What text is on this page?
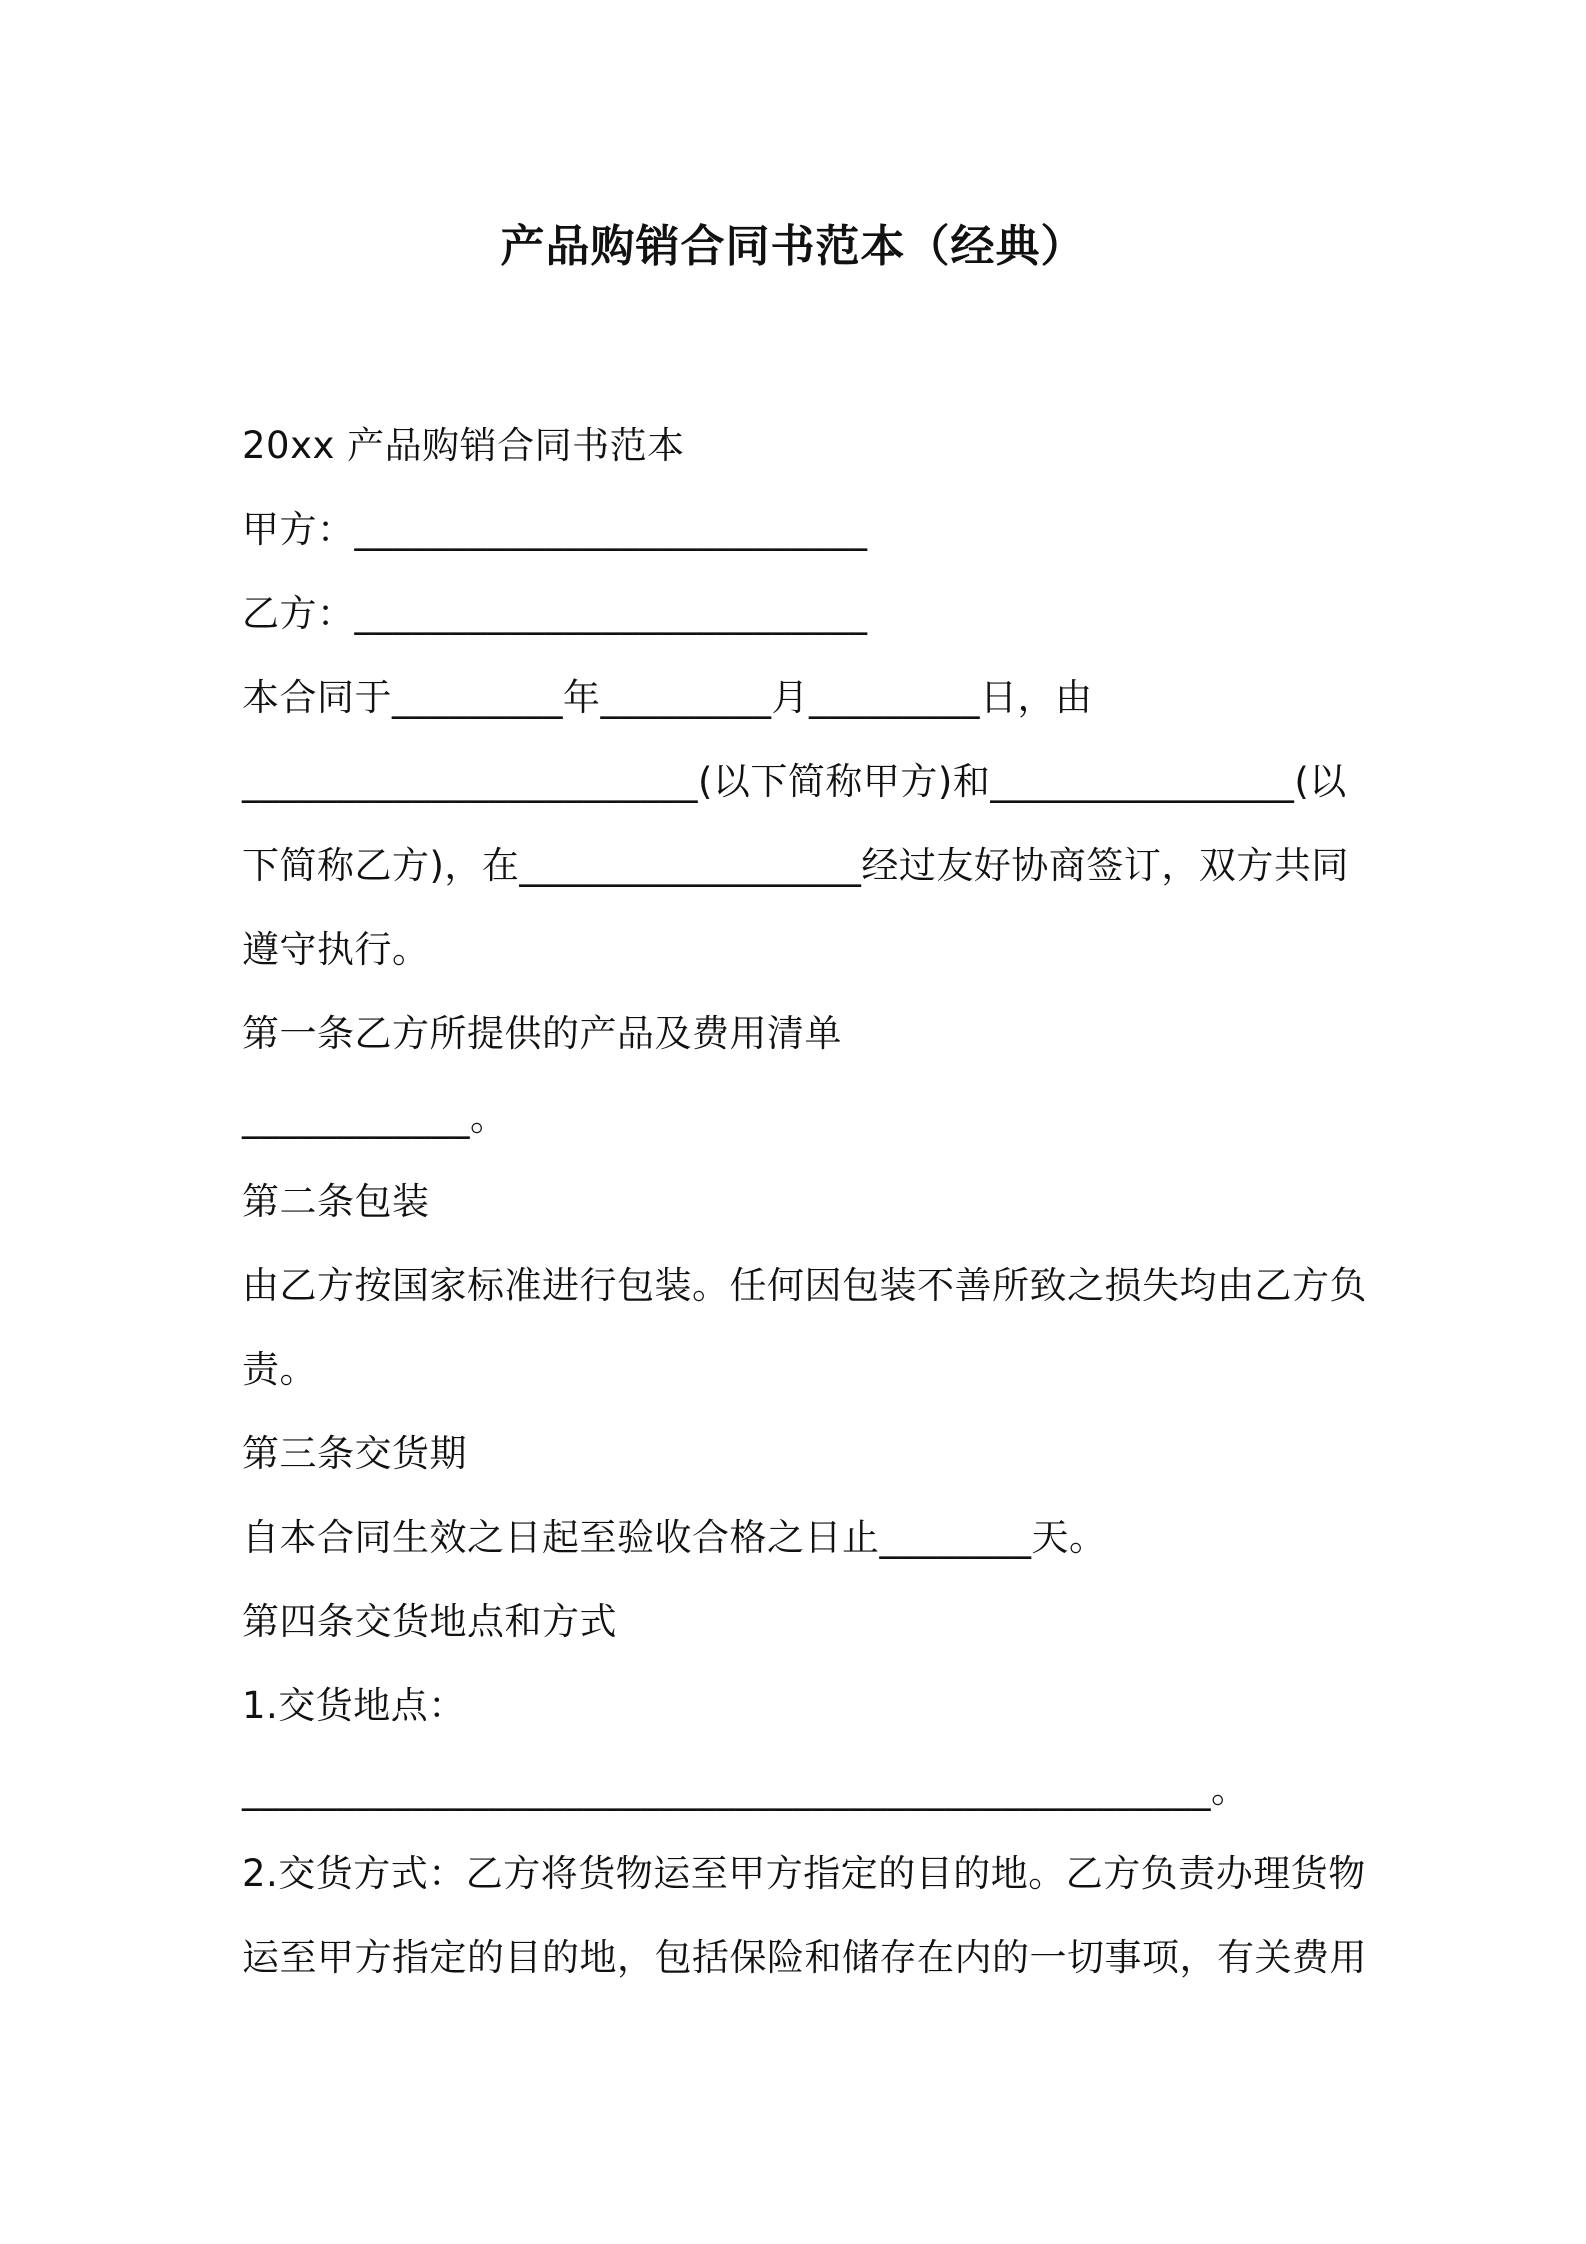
产品购销合同书范本（经典）
20xx 产品购销合同书范本
甲方：___________________________
乙方：___________________________
本合同于_________年_________月_________日，由
________________________(以下简称甲方)和________________(以
下简称乙方)，在__________________经过友好协商签订，双方共同
遵守执行。
第一条乙方所提供的产品及费用清单
____________。
第二条包装
由乙方按国家标准进行包装。任何因包装不善所致之损失均由乙方负
责。
第三条交货期
自本合同生效之日起至验收合格之日止________天。
第四条交货地点和方式
1.交货地点：
___________________________________________________。
2.交货方式：乙方将货物运至甲方指定的目的地。乙方负责办理货物
运至甲方指定的目的地，包括保险和储存在内的一切事项，有关费用
